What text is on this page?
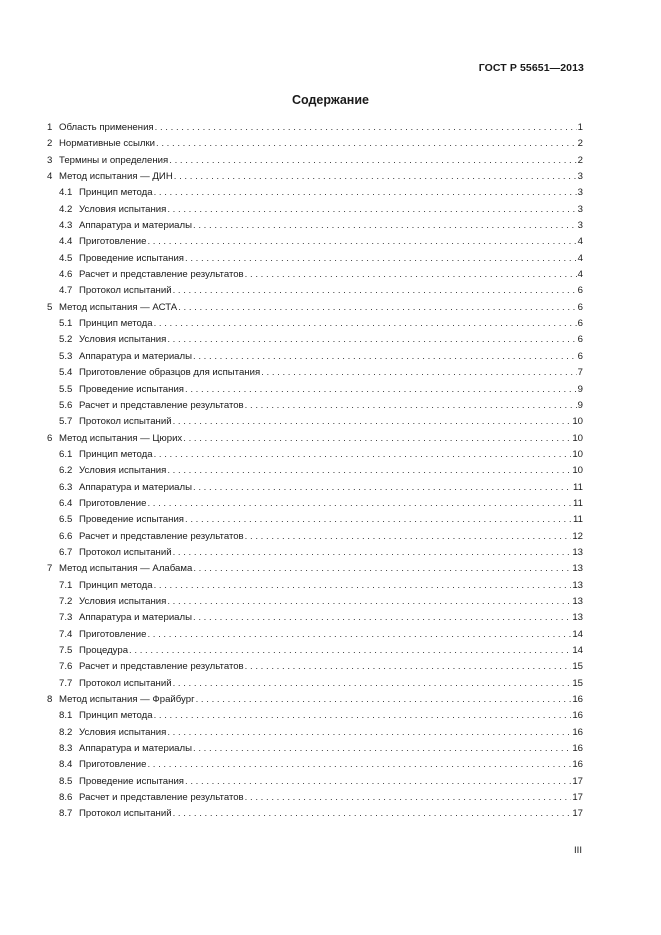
ГОСТ Р 55651—2013
Содержание
1 Область применения . . .	1
2 Нормативные ссылки . . .	2
3 Термины и определения . . .	2
4 Метод испытания — ДИН . . .	3
4.1 Принцип метода . . .	3
4.2 Условия испытания . . .	3
4.3 Аппаратура и материалы . . .	3
4.4 Приготовление . . .	4
4.5 Проведение испытания . . .	4
4.6 Расчет и представление результатов . . .	4
4.7 Протокол испытаний . . .	6
5 Метод испытания — АСТА . . .	6
5.1 Принцип метода . . .	6
5.2 Условия испытания . . .	6
5.3 Аппаратура и материалы . . .	6
5.4 Приготовление образцов для испытания . . .	7
5.5 Проведение испытания . . .	9
5.6 Расчет и представление результатов . . .	9
5.7 Протокол испытаний . . .	10
6 Метод испытания — Цюрих . . .	10
6.1 Принцип метода . . .	10
6.2 Условия испытания . . .	10
6.3 Аппаратура и материалы . . .	11
6.4 Приготовление . . .	11
6.5 Проведение испытания . . .	11
6.6 Расчет и представление результатов . . .	12
6.7 Протокол испытаний . . .	13
7 Метод испытания — Алабама . . .	13
7.1 Принцип метода . . .	13
7.2 Условия испытания . . .	13
7.3 Аппаратура и материалы . . .	13
7.4 Приготовление . . .	14
7.5 Процедура . . .	14
7.6 Расчет и представление результатов . . .	15
7.7 Протокол испытаний . . .	15
8 Метод испытания — Фрайбург . . .	16
8.1 Принцип метода . . .	16
8.2 Условия испытания . . .	16
8.3 Аппаратура и материалы . . .	16
8.4 Приготовление . . .	16
8.5 Проведение испытания . . .	17
8.6 Расчет и представление результатов . . .	17
8.7 Протокол испытаний . . .	17
III
